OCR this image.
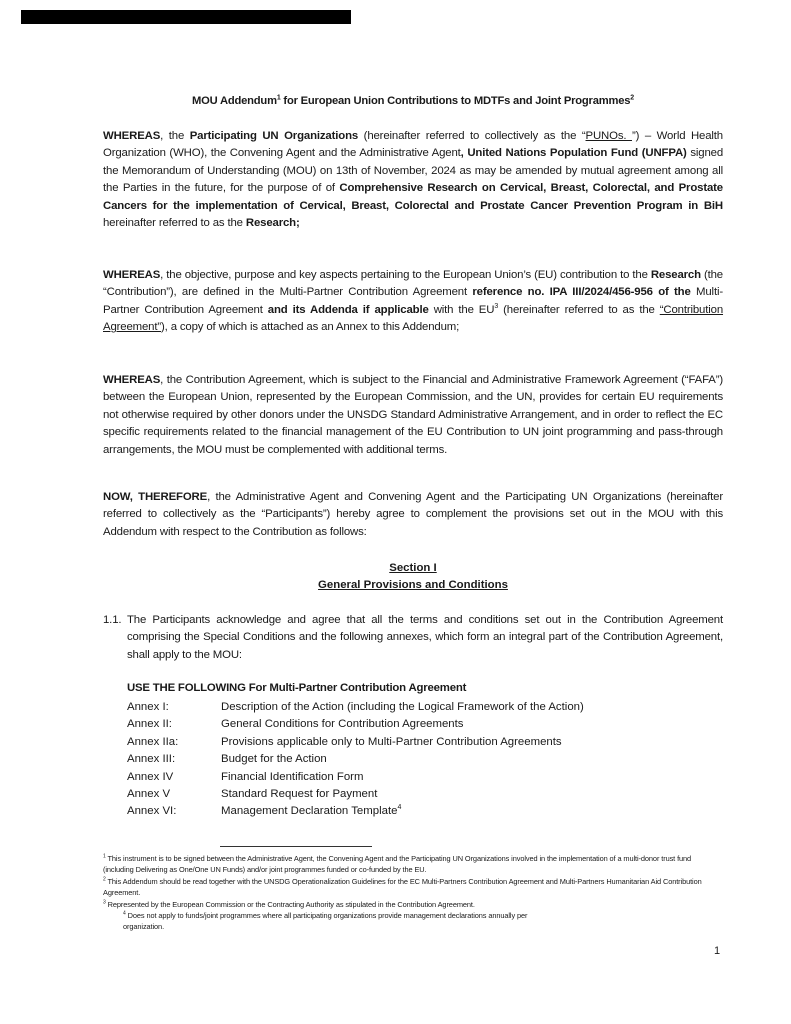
MOU Addendum$^1$ for European Union Contributions to MDTFs and Joint Programmes$^2$
WHEREAS, the Participating UN Organizations (hereinafter referred to collectively as the “PUNOs. ”) – World Health Organization (WHO), the Convening Agent and the Administrative Agent, United Nations Population Fund (UNFPA) signed the Memorandum of Understanding (MOU) on 13th of November, 2024 as may be amended by mutual agreement among all the Parties in the future, for the purpose of of Comprehensive Research on Cervical, Breast, Colorectal, and Prostate Cancers for the implementation of Cervical, Breast, Colorectal and Prostate Cancer Prevention Program in BiH hereinafter referred to as the Research;
WHEREAS, the objective, purpose and key aspects pertaining to the European Union’s (EU) contribution to the Research (the “Contribution”), are defined in the Multi-Partner Contribution Agreement reference no. IPA III/2024/456-956 of the Multi-Partner Contribution Agreement and its Addenda if applicable with the $EU^3$ (hereinafter referred to as the “Contribution Agreement”), a copy of which is attached as an Annex to this Addendum;
WHEREAS, the Contribution Agreement, which is subject to the Financial and Administrative Framework Agreement (“FAFA”) between the European Union, represented by the European Commission, and the UN, provides for certain EU requirements not otherwise required by other donors under the UNSDG Standard Administrative Arrangement, and in order to reflect the EC specific requirements related to the financial management of the EU Contribution to UN joint programming and pass-through arrangements, the MOU must be complemented with additional terms.
NOW, THEREFORE, the Administrative Agent and Convening Agent and the Participating UN Organizations (hereinafter referred to collectively as the “Participants”) hereby agree to complement the provisions set out in the MOU with this Addendum with respect to the Contribution as follows:
Section I
General Provisions and Conditions
1.1. The Participants acknowledge and agree that all the terms and conditions set out in the Contribution Agreement comprising the Special Conditions and the following annexes, which form an integral part of the Contribution Agreement, shall apply to the MOU:
USE THE FOLLOWING For Multi-Partner Contribution Agreement
Annex I:	Description of the Action (including the Logical Framework of the Action)
Annex II:	General Conditions for Contribution Agreements
Annex IIa:	Provisions applicable only to Multi-Partner Contribution Agreements
Annex III:	Budget for the Action
Annex IV	Financial Identification Form
Annex V	Standard Request for Payment
Annex VI:	Management Declaration Template$^4$
$^1$ This instrument is to be signed between the Administrative Agent, the Convening Agent and the Participating UN Organizations involved in the implementation of a multi-donor trust fund (including Delivering as One/One UN Funds) and/or joint programmes funded or co-funded by the EU.
$^2$ This Addendum should be read together with the UNSDG Operationalization Guidelines for the EC Multi-Partners Contribution Agreement and Multi-Partners Humanitarian Aid Contribution Agreement.
$^3$ Represented by the European Commission or the Contracting Authority as stipulated in the Contribution Agreement.
$^4$ Does not apply to funds/joint programmes where all participating organizations provide management declarations annually per
organization.
1
